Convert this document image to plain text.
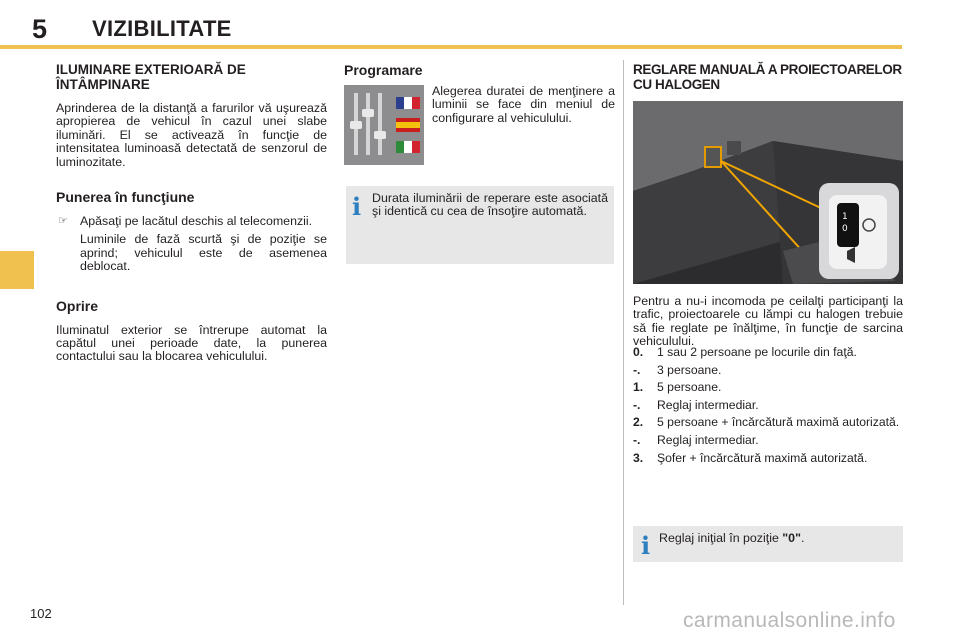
5 VIZIBILITATE
ILUMINARE EXTERIOARĂ DE ÎNTÂMPINARE

Aprinderea de la distanţă a farurilor vă uşurează apropierea de vehicul în cazul unei slabe iluminări. El se activează în funcţie de intensitatea luminoasă detectată de senzorul de luminozitate.

Punerea în funcţiune
☞ Apăsaţi pe lacătul deschis al telecomenzii.
Luminile de fază scurtă şi de poziţie se aprind; vehiculul este de asemenea deblocat.
Oprire

Iluminatul exterior se întrerupe automat la capătul unei perioade date, la punerea contactului sau la blocarea vehiculului.

Programare

Alegerea duratei de menţinere a luminii se face din meniul de configurare al vehiculului.

i Durata iluminării de reperare este asociată şi identică cu cea de însoţire automată.

REGLARE MANUALĂ A PROIECTOARELOR CU HALOGEN
1
0

Pentru a nu-i incomoda pe ceilalţi participanţi la trafic, proiectoarele cu lămpi cu halogen trebuie să fie reglate pe înălţime, în funcţie de sarcina vehiculului.

0.	1 sau 2 persoane pe locurile din faţă.
-.	3 persoane.
1.	5 persoane.
-.	Reglaj intermediar.
2.	5 persoane + încărcătură maximă autorizată.
-.	Reglaj intermediar.
3.	Şofer + încărcătură maximă autorizată.
i Reglaj iniţial în poziţie "0".

102	carmanualsonline.info
